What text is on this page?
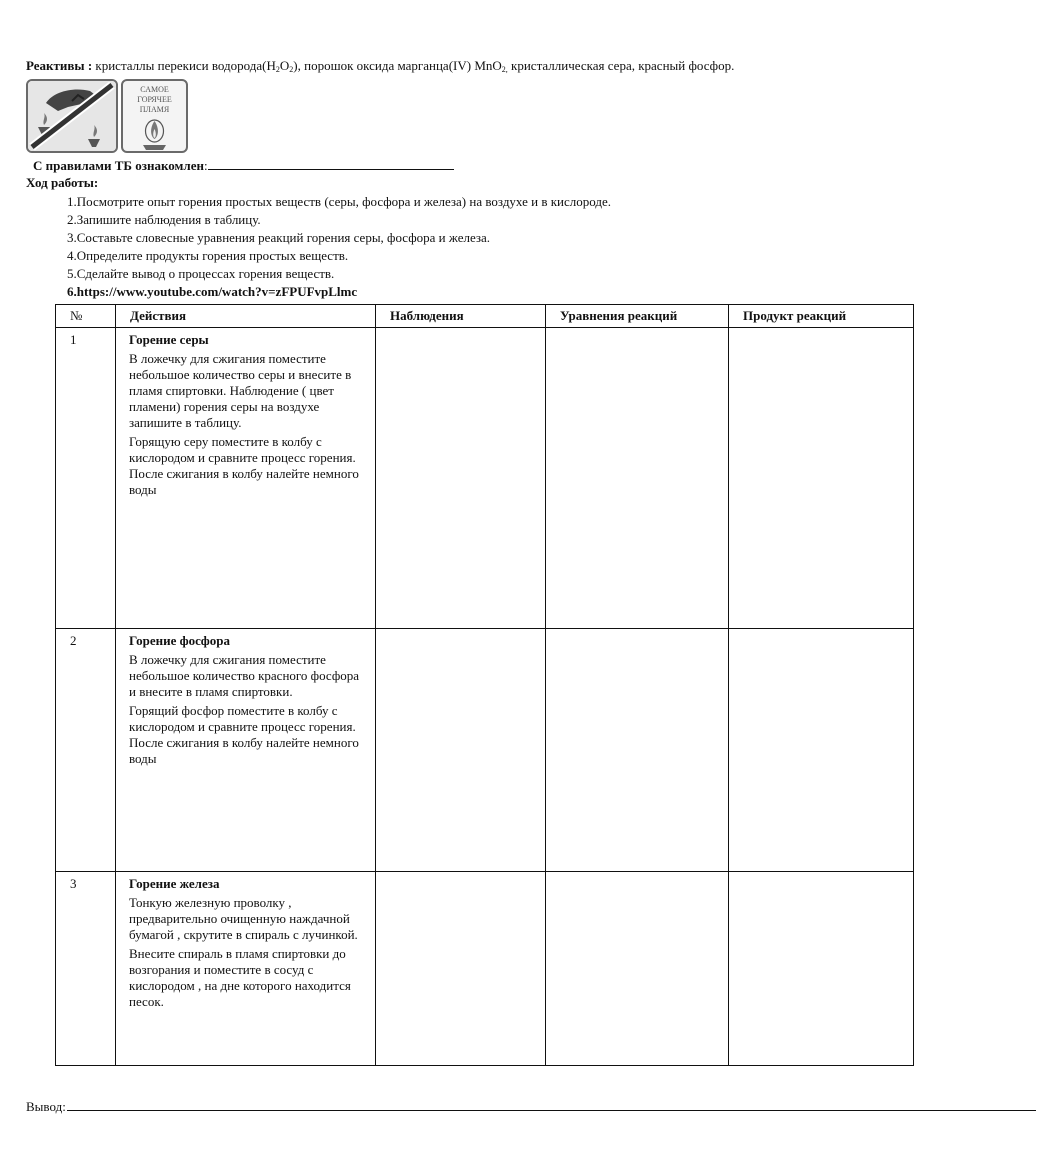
Реактивы : кристаллы перекиси $водорода(H_2O_2)$, порошок оксида марганца(IV) MnO$_{2,}$ кристаллическая сера, красный фосфор.
САМОЕ
ГОРЯЧЕЕ
ПЛАМЯ
С правилами ТБ ознакомлен:
Ход работы:
1.Посмотрите опыт горения простых веществ (серы, фосфора и железа) на воздухе и в кислороде.
2.Запишите наблюдения в таблицу.
3.Составьте словесные уравнения реакций горения серы, фосфора и железа.
4.Определите продукты горения простых веществ.
5.Сделайте вывод о процессах горения веществ.
6.https://www.youtube.com/watch?v=zFPUFvpLlmc
№	Действия	Наблюдения	Уравнения реакций	Продукт реакций
1	Горение серы
В ложечку для сжигания поместите небольшое количество серы и внесите в пламя спиртовки. Наблюдение ( цвет пламени) горения серы на воздухе запишите в таблицу.
Горящую серу поместите в колбу с кислородом и сравните процесс горения. После сжигания в колбу налейте немного воды			

2	Горение фосфора
В ложечку для сжигания поместите небольшое количество красного фосфора и внесите в пламя спиртовки.
Горящий фосфор поместите в колбу с кислородом и сравните процесс горения. После сжигания в колбу налейте немного воды			

3	Горение железа
Тонкую железную проволку , предварительно очищенную наждачной бумагой , скрутите в спираль с лучинкой.
Внесите спираль в пламя спиртовки до возгорания и поместите в сосуд с кислородом , на дне которого находится песок.			

Вывод:
